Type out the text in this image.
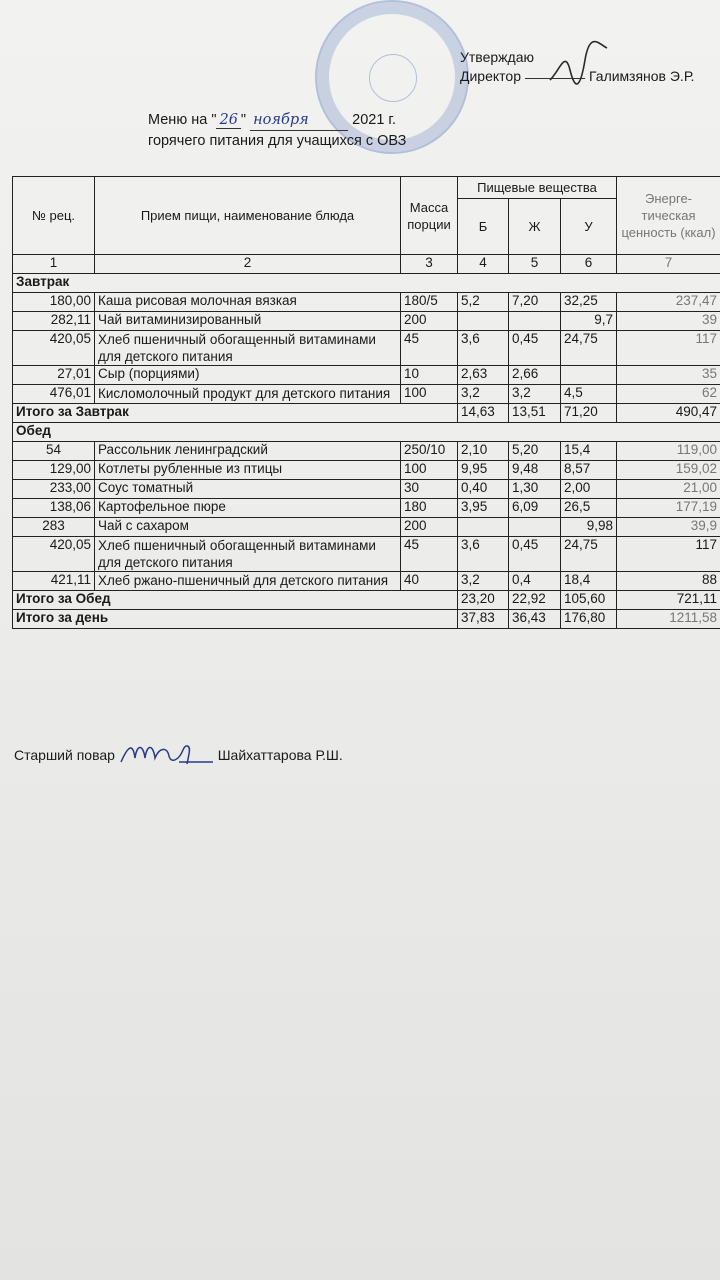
Утверждаю
Директор	Галимзянов Э.Р.
Меню на " 26 " ноября	2021 г.
горячего питания для учащихся с ОВЗ
№ рец.	Прием пищи, наименование блюда	Масса порции	Пищевые вещества			Энерге-тическая ценность (ккал)
			Б	Ж	У	
1	2	3	4	5	6	7
Завтрак						
180,00	Каша рисовая молочная вязкая	180/5	5,2	7,20	32,25	237,47
282,11	Чай витаминизированный	200			9,7	39
420,05	Хлеб пшеничный обогащенный витаминами для детского питания	45	3,6	0,45	24,75	117
27,01	Сыр (порциями)	10	2,63	2,66		35
476,01	Кисломолочный продукт для детского питания	100	3,2	3,2	4,5	62
Итого за Завтрак			14,63	13,51	71,20	490,47
Обед						
54	Рассольник ленинградский	250/10	2,10	5,20	15,4	119,00
129,00	Котлеты рубленные из птицы	100	9,95	9,48	8,57	159,02
233,00	Соус томатный	30	0,40	1,30	2,00	21,00
138,06	Картофельное пюре	180	3,95	6,09	26,5	177,19
283	Чай с сахаром	200			9,98	39,9
420,05	Хлеб пшеничный обогащенный витаминами для детского питания	45	3,6	0,45	24,75	117
421,11	Хлеб ржано-пшеничный для детского питания	40	3,2	0,4	18,4	88
Итого за Обед			23,20	22,92	105,60	721,11
Итого за день			37,83	36,43	176,80	1211,58
Старший повар	Шайхаттарова Р.Ш.
